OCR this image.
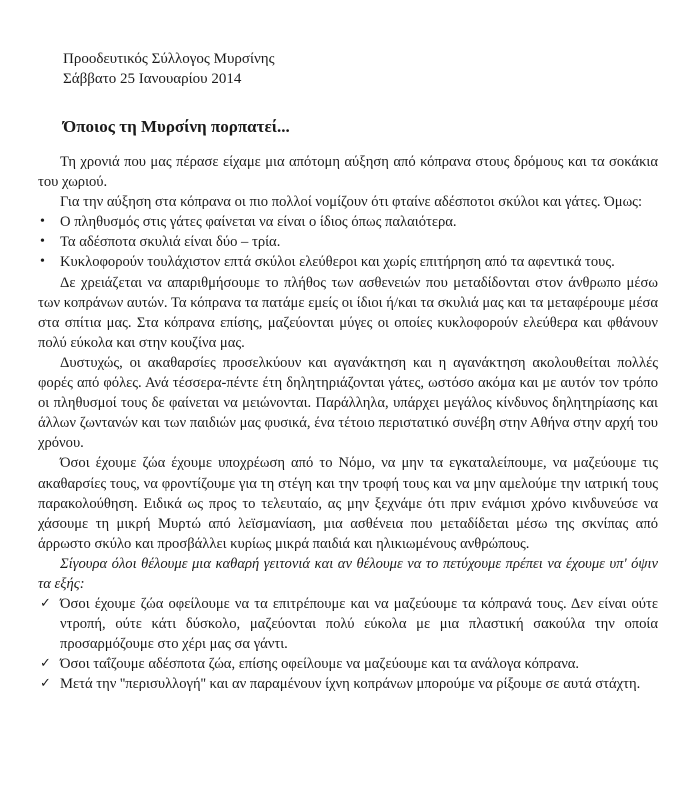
Προοδευτικός Σύλλογος Μυρσίνης
Σάββατο 25 Ιανουαρίου 2014
Όποιος τη Μυρσίνη πορπατεί...

Τη χρονιά που μας πέρασε είχαμε μια απότομη αύξηση από κόπρανα στους δρόμους και τα σοκάκια του χωριού.

Για την αύξηση στα κόπρανα οι πιο πολλοί νομίζουν ότι φταίνε αδέσποτοι σκύλοι και γάτες. Όμως:

• Ο πληθυσμός στις γάτες φαίνεται να είναι ο ίδιος όπως παλαιότερα.
• Τα αδέσποτα σκυλιά είναι δύο – τρία.
• Κυκλοφορούν τουλάχιστον επτά σκύλοι ελεύθεροι και χωρίς επιτήρηση από τα αφεντικά τους.

Δε χρειάζεται να απαριθμήσουμε το πλήθος των ασθενειών που μεταδίδονται στον άνθρωπο μέσω των κοπράνων αυτών. Τα κόπρανα τα πατάμε εμείς οι ίδιοι ή/και τα σκυλιά μας και τα μεταφέρουμε μέσα στα σπίτια μας. Στα κόπρανα επίσης, μαζεύονται μύγες οι οποίες κυκλοφορούν ελεύθερα και φθάνουν πολύ εύκολα και στην κουζίνα μας.

Δυστυχώς, οι ακαθαρσίες προσελκύουν και αγανάκτηση και η αγανάκτηση ακολουθείται πολλές φορές από φόλες. Ανά τέσσερα-πέντε έτη δηλητηριάζονται γάτες, ωστόσο ακόμα και με αυτόν τον τρόπο οι πληθυσμοί τους δε φαίνεται να μειώνονται. Παράλληλα, υπάρχει μεγάλος κίνδυνος δηλητηρίασης και άλλων ζωντανών και των παιδιών μας φυσικά, ένα τέτοιο περιστατικό συνέβη στην Αθήνα στην αρχή του χρόνου.

Όσοι έχουμε ζώα έχουμε υποχρέωση από το Νόμο, να μην τα εγκαταλείπουμε, να μαζεύουμε τις ακαθαρσίες τους, να φροντίζουμε για τη στέγη και την τροφή τους και να μην αμελούμε την ιατρική τους παρακολούθηση. Ειδικά ως προς το τελευταίο, ας μην ξεχνάμε ότι πριν ενάμισι χρόνο κινδυνεύσε να χάσουμε τη μικρή Μυρτώ από λεϊσμανίαση, μια ασθένεια που μεταδίδεται μέσω της σκνίπας από άρρωστο σκύλο και προσβάλλει κυρίως μικρά παιδιά και ηλικιωμένους ανθρώπους.

Σίγουρα όλοι θέλουμε μια καθαρή γειτονιά και αν θέλουμε να το πετύχουμε πρέπει να έχουμε υπ' όψιν τα εξής:

✓ Όσοι έχουμε ζώα οφείλουμε να τα επιτρέπουμε και να μαζεύουμε τα κόπρανά τους. Δεν είναι ούτε ντροπή, ούτε κάτι δύσκολο, μαζεύονται πολύ εύκολα με μια πλαστική σακούλα την οποία προσαρμόζουμε στο χέρι μας σα γάντι.
✓ Όσοι ταΐζουμε αδέσποτα ζώα, επίσης οφείλουμε να μαζεύουμε και τα ανάλογα κόπρανα.
✓ Μετά την ''περισυλλογή'' και αν παραμένουν ίχνη κοπράνων μπορούμε να ρίξουμε σε αυτά στάχτη.
